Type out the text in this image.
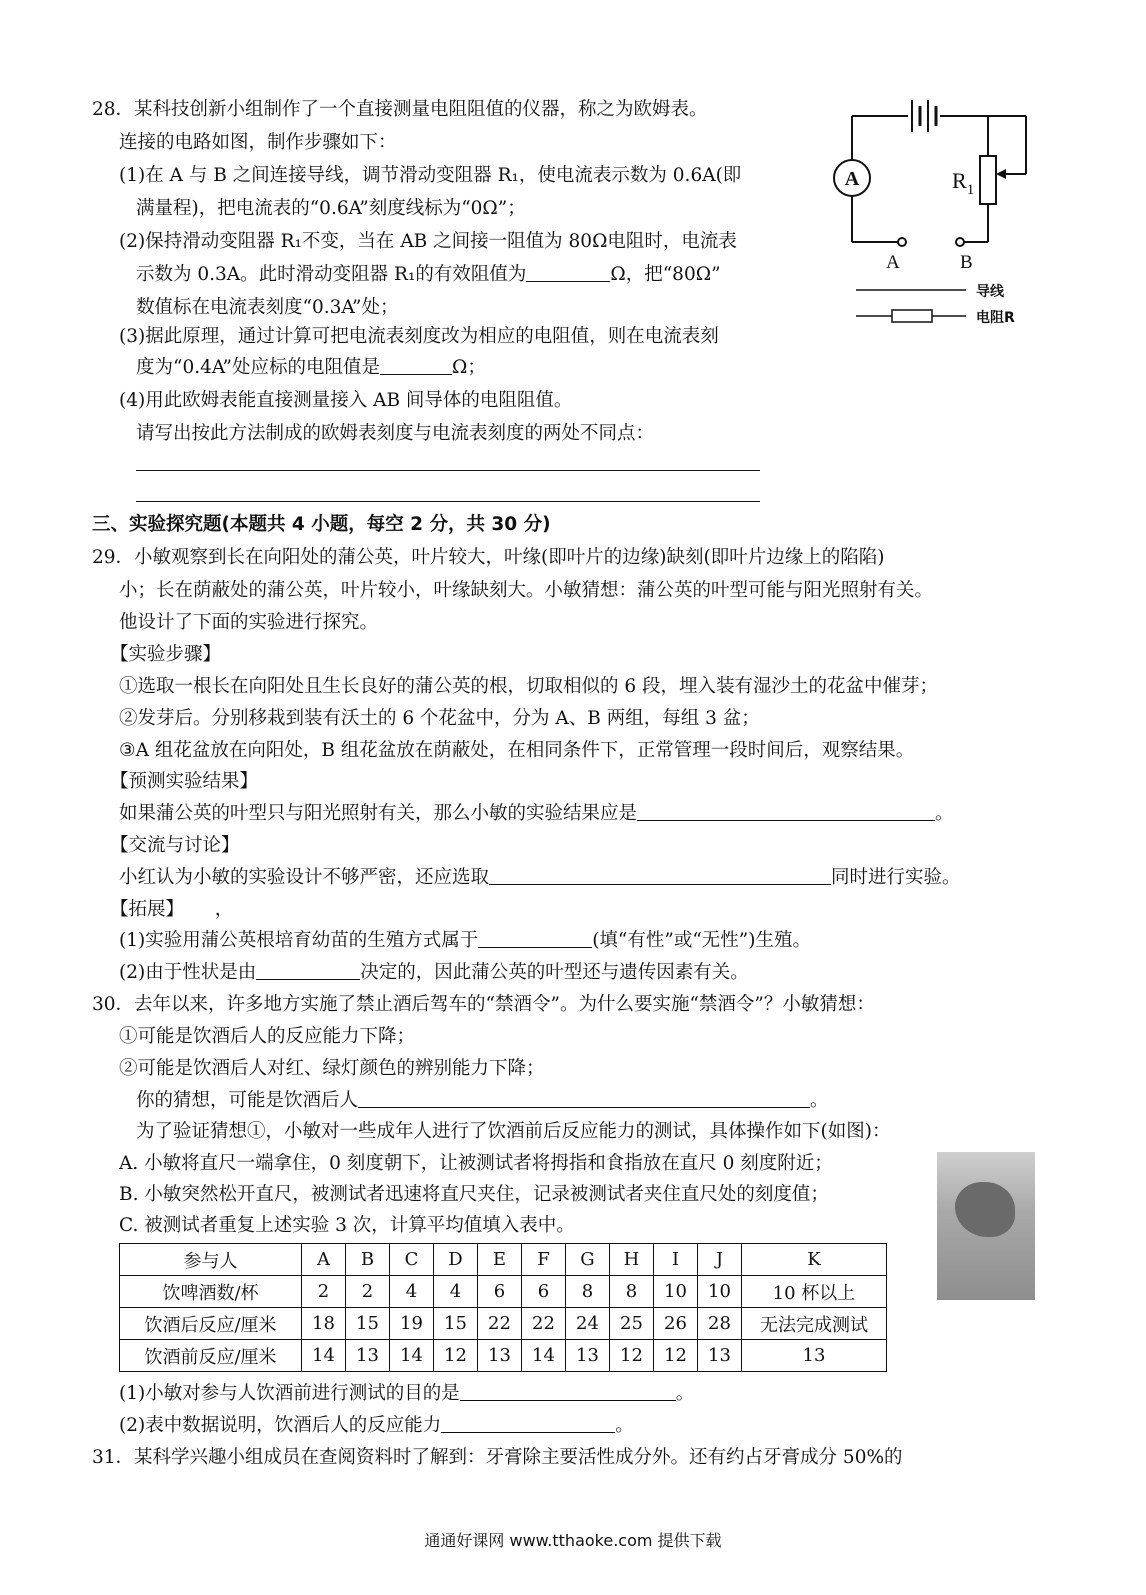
28．某科技创新小组制作了一个直接测量电阻阻值的仪器，称之为欧姆表。
连接的电路如图，制作步骤如下：
(1)在 A 与 B 之间连接导线，调节滑动变阻器 R₁，使电流表示数为 0.6A(即
满量程)，把电流表的“0.6A”刻度线标为“0Ω”；
(2)保持滑动变阻器 R₁不变，当在 AB 之间接一阻值为 80Ω电阻时，电流表
示数为 0.3A。此时滑动变阻器 R₁的有效阻值为	Ω，把“80Ω”
数值标在电流表刻度“0.3A”处；
(3)据此原理，通过计算可把电流表刻度改为相应的电阻值，则在电流表刻
度为“0.4A”处应标的电阻值是	Ω；
(4)用此欧姆表能直接测量接入 AB 间导体的电阻阻值。
请写出按此方法制成的欧姆表刻度与电流表刻度的两处不同点：
A	$R_1$
A	B
导线
电阻R
三、实验探究题(本题共 4 小题，每空 2 分，共 30 分)
29．小敏观察到长在向阳处的蒲公英，叶片较大，叶缘(即叶片的边缘)缺刻(即叶片边缘上的陷陷)
小；长在荫蔽处的蒲公英，叶片较小，叶缘缺刻大。小敏猜想：蒲公英的叶型可能与阳光照射有关。
他设计了下面的实验进行探究。
【实验步骤】
①选取一根长在向阳处且生长良好的蒲公英的根，切取相似的 6 段，埋入装有湿沙土的花盆中催芽；
②发芽后。分别移栽到装有沃土的 6 个花盆中，分为 A、B 两组，每组 3 盆；
③A 组花盆放在向阳处，B 组花盆放在荫蔽处，在相同条件下，正常管理一段时间后，观察结果。
【预测实验结果】
如果蒲公英的叶型只与阳光照射有关，那么小敏的实验结果应是	。
【交流与讨论】
小红认为小敏的实验设计不够严密，还应选取	同时进行实验。
【拓展】 ，
(1)实验用蒲公英根培育幼苗的生殖方式属于	(填“有性”或“无性”)生殖。
(2)由于性状是由	决定的，因此蒲公英的叶型还与遗传因素有关。
30．去年以来，许多地方实施了禁止酒后驾车的“禁酒令”。为什么要实施“禁酒令”？小敏猜想：
①可能是饮酒后人的反应能力下降；
②可能是饮酒后人对红、绿灯颜色的辨别能力下降；
你的猜想，可能是饮酒后人	。
为了验证猜想①，小敏对一些成年人进行了饮酒前后反应能力的测试，具体操作如下(如图)：
A. 小敏将直尺一端拿住，0 刻度朝下，让被测试者将拇指和食指放在直尺 0 刻度附近；
B. 小敏突然松开直尺，被测试者迅速将直尺夹住，记录被测试者夹住直尺处的刻度值；
C. 被测试者重复上述实验 3 次，计算平均值填入表中。
参与人	A	B	C	D	E	F	G	H	I	J	K
饮啤酒数/杯	2	2	4	4	6	6	8	8	10	10	10 杯以上
饮酒后反应/厘米	18	15	19	15	22	22	24	25	26	28	无法完成测试
饮酒前反应/厘米	14	13	14	12	13	14	13	12	12	13	13
(1)小敏对参与人饮酒前进行测试的目的是	。
(2)表中数据说明，饮酒后人的反应能力	。
31．某科学兴趣小组成员在查阅资料时了解到：牙膏除主要活性成分外。还有约占牙膏成分 50%的
通通好课网 www.tthaoke.com 提供下载
